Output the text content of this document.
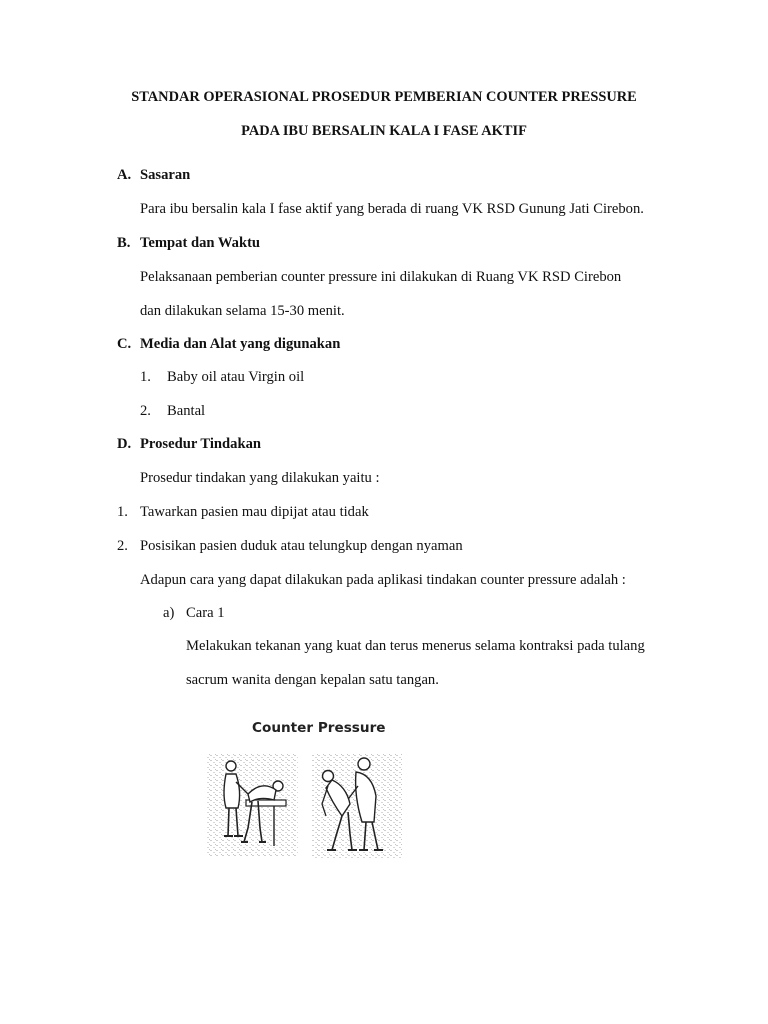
STANDAR OPERASIONAL PROSEDUR PEMBERIAN COUNTER PRESSURE
PADA IBU BERSALIN KALA I FASE AKTIF
A. Sasaran
Para ibu bersalin kala I fase aktif yang berada di ruang VK RSD Gunung Jati Cirebon.
B. Tempat dan Waktu
Pelaksanaan pemberian counter pressure ini dilakukan di Ruang VK RSD Cirebon
dan dilakukan selama 15-30 menit.
C. Media dan Alat yang digunakan
1. Baby oil atau Virgin oil
2. Bantal
D. Prosedur Tindakan
Prosedur tindakan yang dilakukan yaitu :
1. Tawarkan pasien mau dipijat atau tidak
2. Posisikan pasien duduk atau telungkup dengan nyaman
Adapun cara yang dapat dilakukan pada aplikasi tindakan counter pressure adalah :
a) Cara 1
Melakukan tekanan yang kuat dan terus menerus selama kontraksi pada tulang
sacrum wanita dengan kepalan satu tangan.
Counter Pressure
